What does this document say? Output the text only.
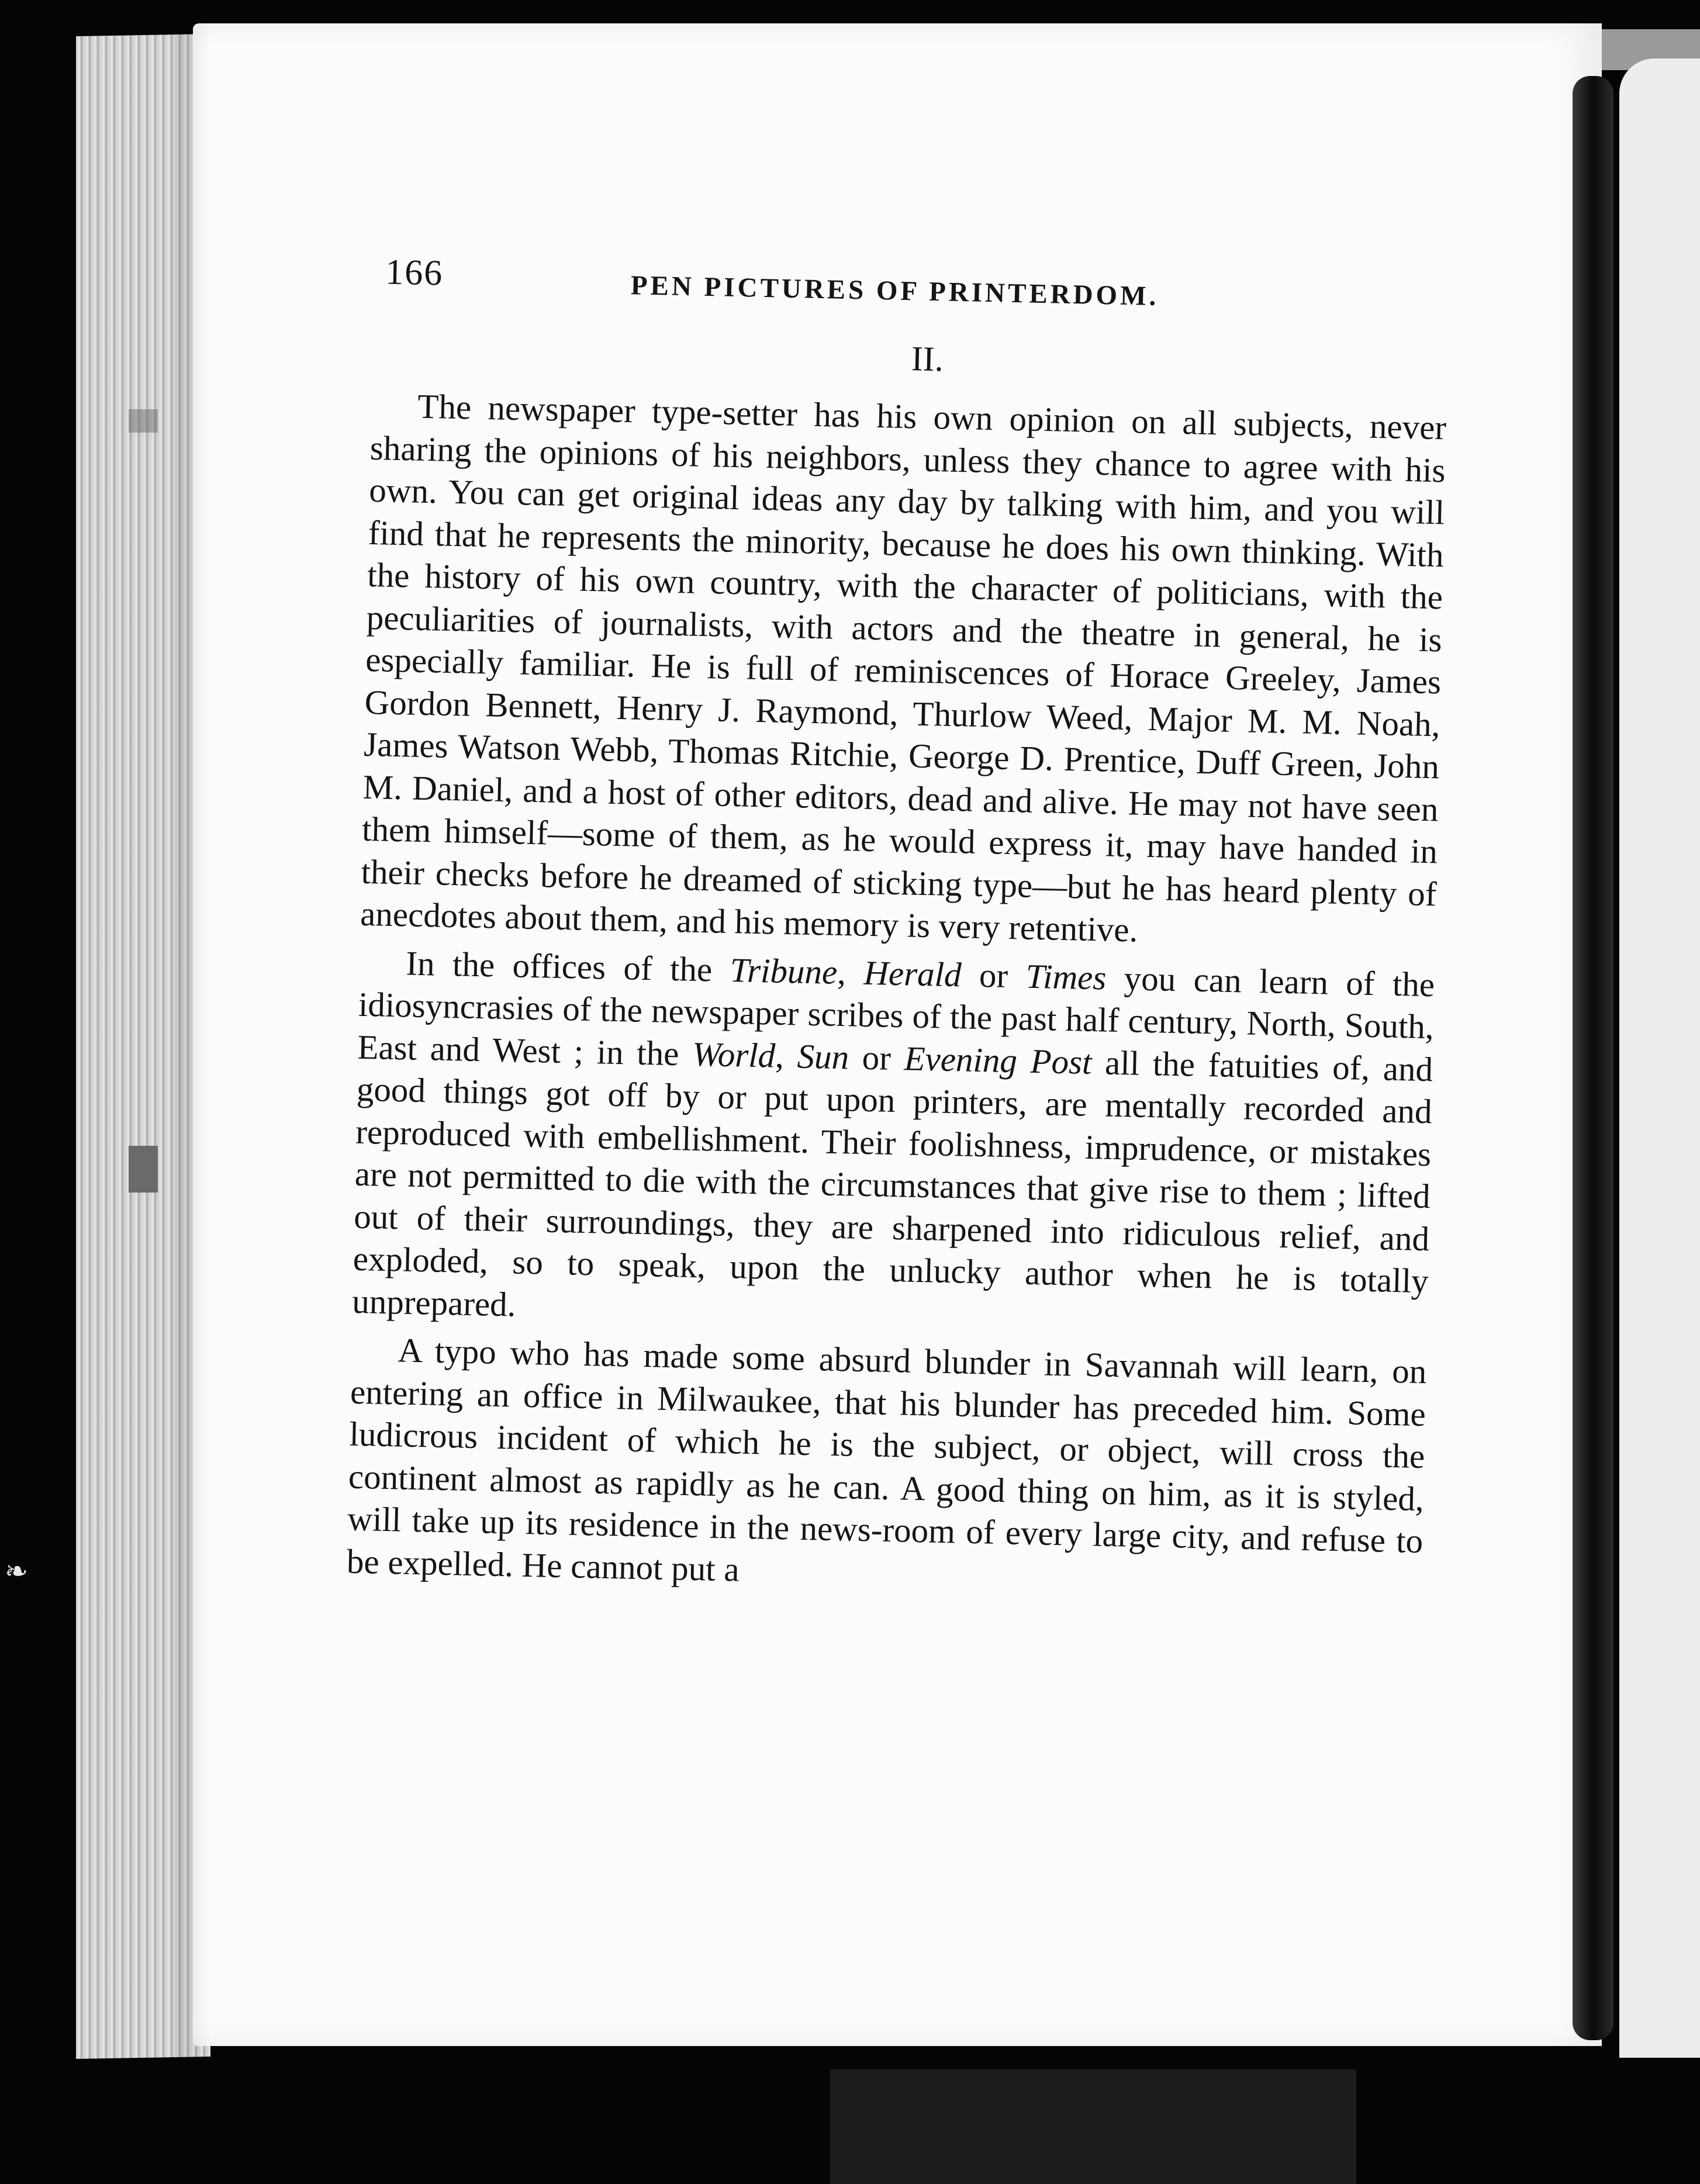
❧
166	PEN PICTURES OF PRINTERDOM.
II.

The newspaper type-setter has his own opinion on all subjects, never sharing the opinions of his neighbors, unless they chance to agree with his own. You can get original ideas any day by talking with him, and you will find that he represents the minority, because he does his own thinking. With the history of his own country, with the character of politicians, with the peculiarities of journalists, with actors and the theatre in general, he is especially familiar. He is full of reminiscences of Horace Greeley, James Gordon Bennett, Henry J. Raymond, Thurlow Weed, Major M. M. Noah, James Watson Webb, Thomas Ritchie, George D. Prentice, Duff Green, John M. Daniel, and a host of other editors, dead and alive. He may not have seen them himself—some of them, as he would express it, may have handed in their checks before he dreamed of sticking type—but he has heard plenty of anecdotes about them, and his memory is very retentive.

In the offices of the Tribune, Herald or Times you can learn of the idiosyncrasies of the newspaper scribes of the past half century, North, South, East and West ; in the World, Sun or Evening Post all the fatuities of, and good things got off by or put upon printers, are mentally recorded and reproduced with embellishment. Their foolishness, imprudence, or mistakes are not permitted to die with the circumstances that give rise to them ; lifted out of their surroundings, they are sharpened into ridiculous relief, and exploded, so to speak, upon the unlucky author when he is totally unprepared.

A typo who has made some absurd blunder in Savannah will learn, on entering an office in Milwaukee, that his blunder has preceded him. Some ludicrous incident of which he is the subject, or object, will cross the continent almost as rapidly as he can. A good thing on him, as it is styled, will take up its residence in the news-room of every large city, and refuse to be expelled. He cannot put a
